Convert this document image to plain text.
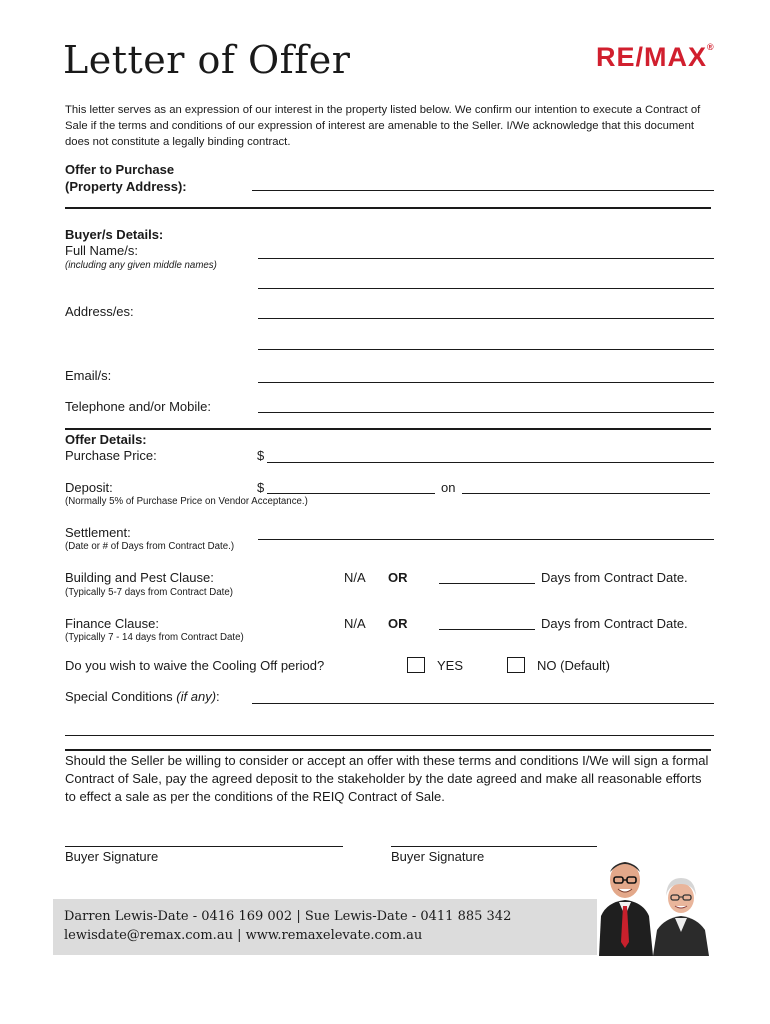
Letter of Offer	RE/MAX®
This letter serves as an expression of our interest in the property listed below. We confirm our intention to execute a Contract of Sale if the terms and conditions of our expression of interest are amenable to the Seller. I/We acknowledge that this document does not constitute a legally binding contract.
Offer to Purchase
(Property Address):
Buyer/s Details:
Full Name/s:
(including any given middle names)
Address/es:
Email/s:
Telephone and/or Mobile:
Offer Details:
Purchase Price:	$
Deposit:	$	on
(Normally 5% of Purchase Price on Vendor Acceptance.)
Settlement:
(Date or # of Days from Contract Date.)
Building and Pest Clause:
(Typically 5-7 days from Contract Date)
N/A OR	Days from Contract Date.
Finance Clause:
(Typically 7 - 14 days from Contract Date)
N/A OR	Days from Contract Date.
Do you wish to waive the Cooling Off period?	YES	NO (Default)
Special Conditions (if any):
Should the Seller be willing to consider or accept an offer with these terms and conditions I/We will sign a formal Contract of Sale, pay the agreed deposit to the stakeholder by the date agreed and make all reasonable efforts to effect a sale as per the conditions of the REIQ Contract of Sale.
Buyer Signature	Buyer Signature
Darren Lewis-Date - 0416 169 002 | Sue Lewis-Date - 0411 885 342
lewisdate@remax.com.au | www.remaxelevate.com.au
